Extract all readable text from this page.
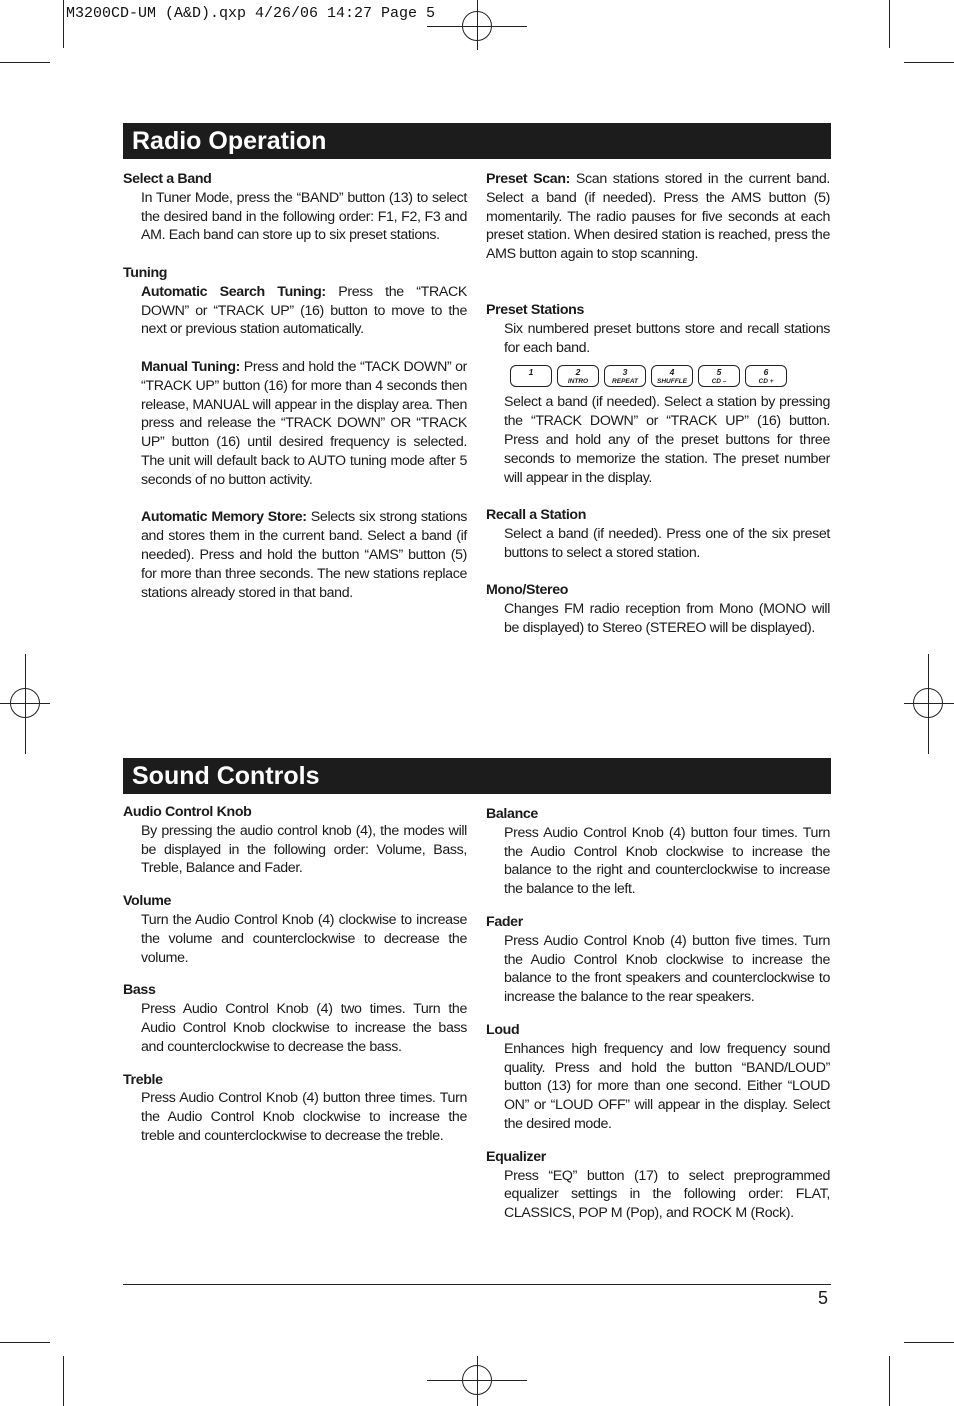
M3200CD-UM (A&D).qxp 4/26/06 14:27 Page 5
Radio Operation
Select a Band

In Tuner Mode, press the “BAND” button (13) to select the desired band in the following order: F1, F2, F3 and AM. Each band can store up to six preset stations.

Tuning

Automatic Search Tuning: Press the “TRACK DOWN” or “TRACK UP” (16) button to move to the next or previous station automatically.

Manual Tuning: Press and hold the “TACK DOWN” or “TRACK UP” button (16) for more than 4 seconds then release, MANUAL will appear in the display area. Then press and release the “TRACK DOWN” OR “TRACK UP” button (16) until desired frequency is selected. The unit will default back to AUTO tuning mode after 5 seconds of no button activity.

Automatic Memory Store: Selects six strong stations and stores them in the current band. Select a band (if needed). Press and hold the button “AMS” button (5) for more than three seconds. The new stations replace stations already stored in that band.

Preset Scan: Scan stations stored in the current band. Select a band (if needed). Press the AMS button (5) momentarily. The radio pauses for five seconds at each preset station. When desired station is reached, press the AMS button again to stop scanning.

Preset Stations

Six numbered preset buttons store and recall stations for each band.

1	2
INTRO
3
REPEAT
4
SHUFFLE
5
CD –
6
CD +

Select a band (if needed). Select a station by pressing the “TRACK DOWN” or “TRACK UP” (16) button. Press and hold any of the preset buttons for three seconds to memorize the station. The preset number will appear in the display.

Recall a Station

Select a band (if needed). Press one of the six preset buttons to select a stored station.

Mono/Stereo

Changes FM radio reception from Mono (MONO will be displayed) to Stereo (STEREO will be displayed).

Sound Controls
Audio Control Knob

By pressing the audio control knob (4), the modes will be displayed in the following order: Volume, Bass, Treble, Balance and Fader.

Volume

Turn the Audio Control Knob (4) clockwise to increase the volume and counterclockwise to decrease the volume.

Bass

Press Audio Control Knob (4) two times. Turn the Audio Control Knob clockwise to increase the bass and counterclockwise to decrease the bass.

Treble

Press Audio Control Knob (4) button three times. Turn the Audio Control Knob clockwise to increase the treble and counterclockwise to decrease the treble.

Balance

Press Audio Control Knob (4) button four times. Turn the Audio Control Knob clockwise to increase the balance to the right and counterclockwise to increase the balance to the left.

Fader

Press Audio Control Knob (4) button five times. Turn the Audio Control Knob clockwise to increase the balance to the front speakers and counterclockwise to increase the balance to the rear speakers.

Loud

Enhances high frequency and low frequency sound quality. Press and hold the button “BAND/LOUD” button (13) for more than one second. Either “LOUD ON” or “LOUD OFF” will appear in the display. Select the desired mode.

Equalizer

Press “EQ” button (17) to select preprogrammed equalizer settings in the following order: FLAT, CLASSICS, POP M (Pop), and ROCK M (Rock).

5
